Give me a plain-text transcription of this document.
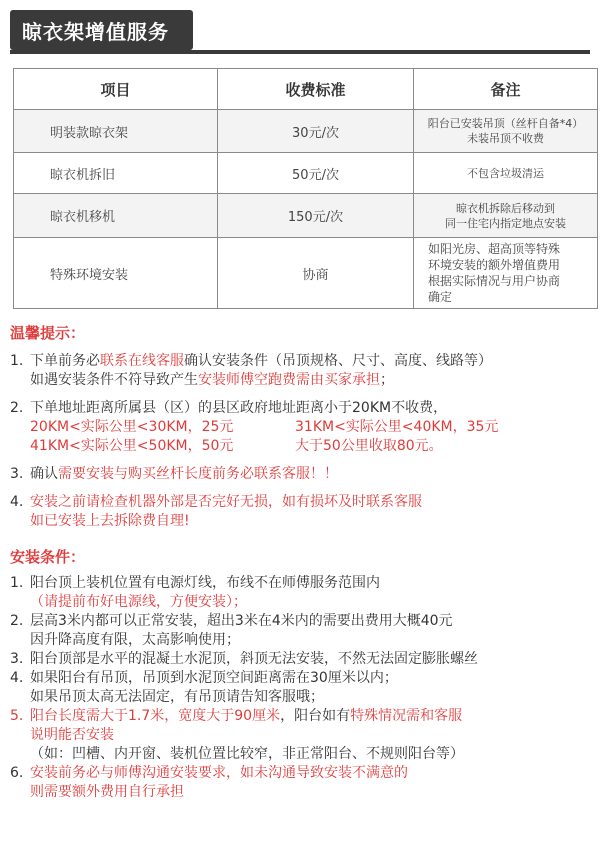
晾衣架增值服务
项目	收费标准	备注
明装款晾衣架	30元/次	阳台已安装吊顶（丝杆自备*4）
未装吊顶不收费

晾衣机拆旧	50元/次	不包含垃圾清运

晾衣机移机	150元/次	晾衣机拆除后移动到
同一住宅内指定地点安装

特殊环境安装	协商	如阳光房、超高顶等特殊
环境安装的额外增值费用
根据实际情况与用户协商
确定
温馨提示：
1. 下单前务必联系在线客服确认安装条件（吊顶规格、尺寸、高度、线路等）
如遇安装条件不符导致产生安装师傅空跑费需由买家承担；
2. 下单地址距离所属县（区）的县区政府地址距离小于20KM不收费，
20KM<实际公里<30KM，25元	31KM<实际公里<40KM，35元
41KM<实际公里<50KM，50元	大于50公里收取80元。
3. 确认需要安装与购买丝杆长度前务必联系客服！！
4. 安装之前请检查机器外部是否完好无损，如有损坏及时联系客服
如已安装上去拆除费自理!
安装条件：
1. 阳台顶上装机位置有电源灯线，布线不在师傅服务范围内
（请提前布好电源线，方便安装）；
2. 层高3米内都可以正常安装，超出3米在4米内的需要出费用大概40元
因升降高度有限，太高影响使用；
3. 阳台顶部是水平的混凝土水泥顶，斜顶无法安装，不然无法固定膨胀螺丝
4. 如果阳台有吊顶，吊顶到水泥顶空间距离需在30厘米以内；
如果吊顶太高无法固定，有吊顶请告知客服哦；
5. 阳台长度需大于1.7米，宽度大于90厘米，阳台如有特殊情况需和客服
说明能否安装
（如：凹槽、内开窗、装机位置比较窄，非正常阳台、不规则阳台等）
6. 安装前务必与师傅沟通安装要求，如未沟通导致安装不满意的
则需要额外费用自行承担
